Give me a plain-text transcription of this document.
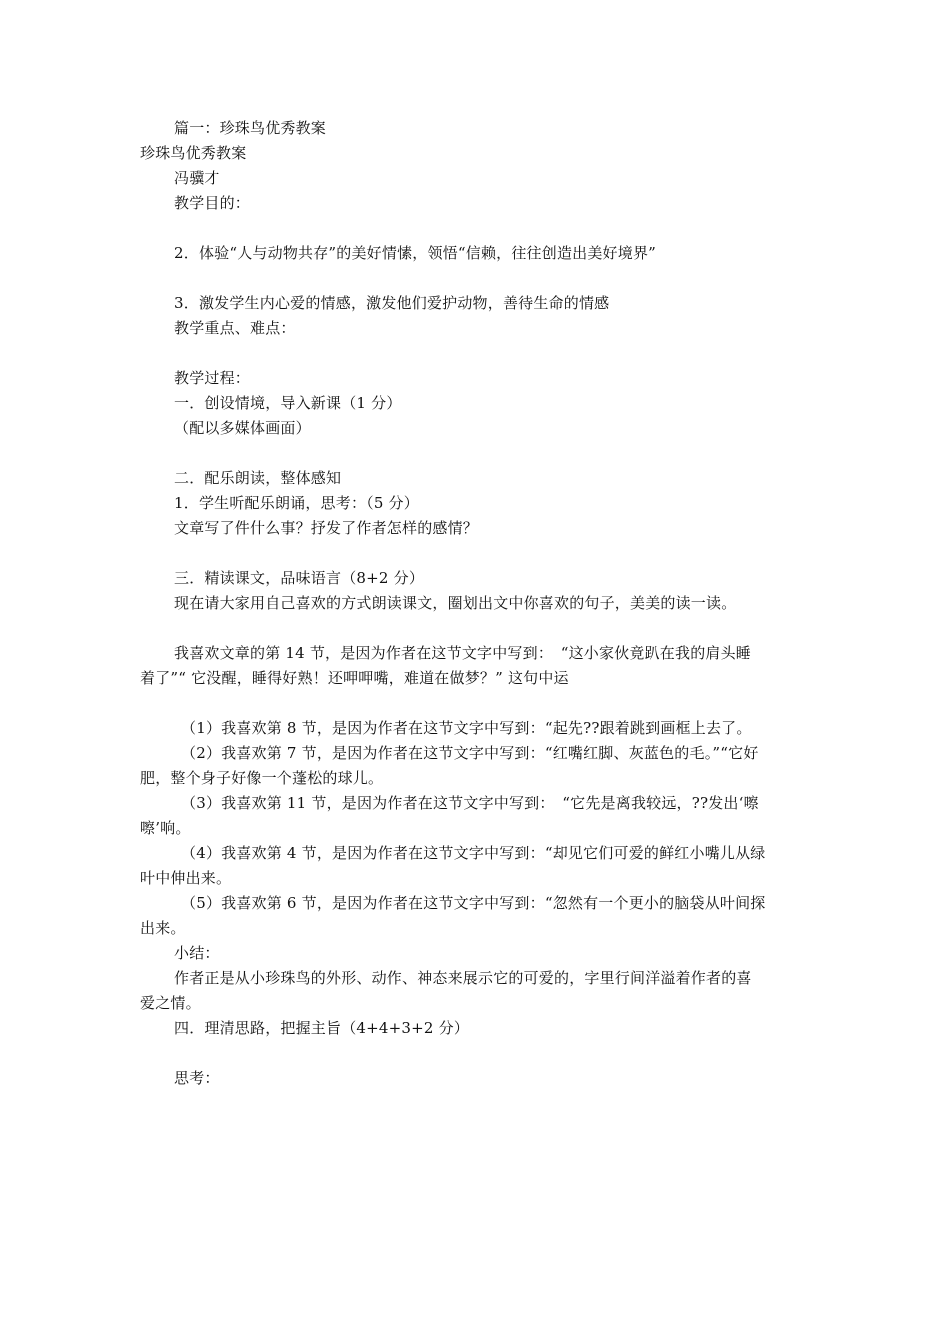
篇一：珍珠鸟优秀教案

珍珠鸟优秀教案

冯骥才

教学目的：

2．体验“人与动物共存”的美好情愫，领悟“信赖，往往创造出美好境界”

3．激发学生内心爱的情感，激发他们爱护动物，善待生命的情感

教学重点、难点：

教学过程：

一．创设情境，导入新课（1 分）

（配以多媒体画面）

二．配乐朗读，整体感知

1．学生听配乐朗诵，思考：（5 分）

文章写了件什么事？抒发了作者怎样的感情？

三．精读课文，品味语言（8+2 分）

现在请大家用自己喜欢的方式朗读课文，圈划出文中你喜欢的句子，美美的读一读。

我喜欢文章的第 14 节，是因为作者在这节文字中写到：　“这小家伙竟趴在我的肩头睡

着了”“ 它没醒，睡得好熟！还呷呷嘴，难道在做梦？” 这句中运

（1）我喜欢第 8 节，是因为作者在这节文字中写到：“起先??跟着跳到画框上去了。

（2）我喜欢第 7 节，是因为作者在这节文字中写到：“红嘴红脚、灰蓝色的毛。”“它好

肥，整个身子好像一个蓬松的球儿。

（3）我喜欢第 11 节，是因为作者在这节文字中写到：　“它先是离我较远，??发出‘嚓

嚓’响。

（4）我喜欢第 4 节，是因为作者在这节文字中写到：“却见它们可爱的鲜红小嘴儿从绿

叶中伸出来。

（5）我喜欢第 6 节，是因为作者在这节文字中写到：“忽然有一个更小的脑袋从叶间探

出来。

小结：

作者正是从小珍珠鸟的外形、动作、神态来展示它的可爱的，字里行间洋溢着作者的喜

爱之情。

四．理清思路，把握主旨（4+4+3+2 分）

思考：
